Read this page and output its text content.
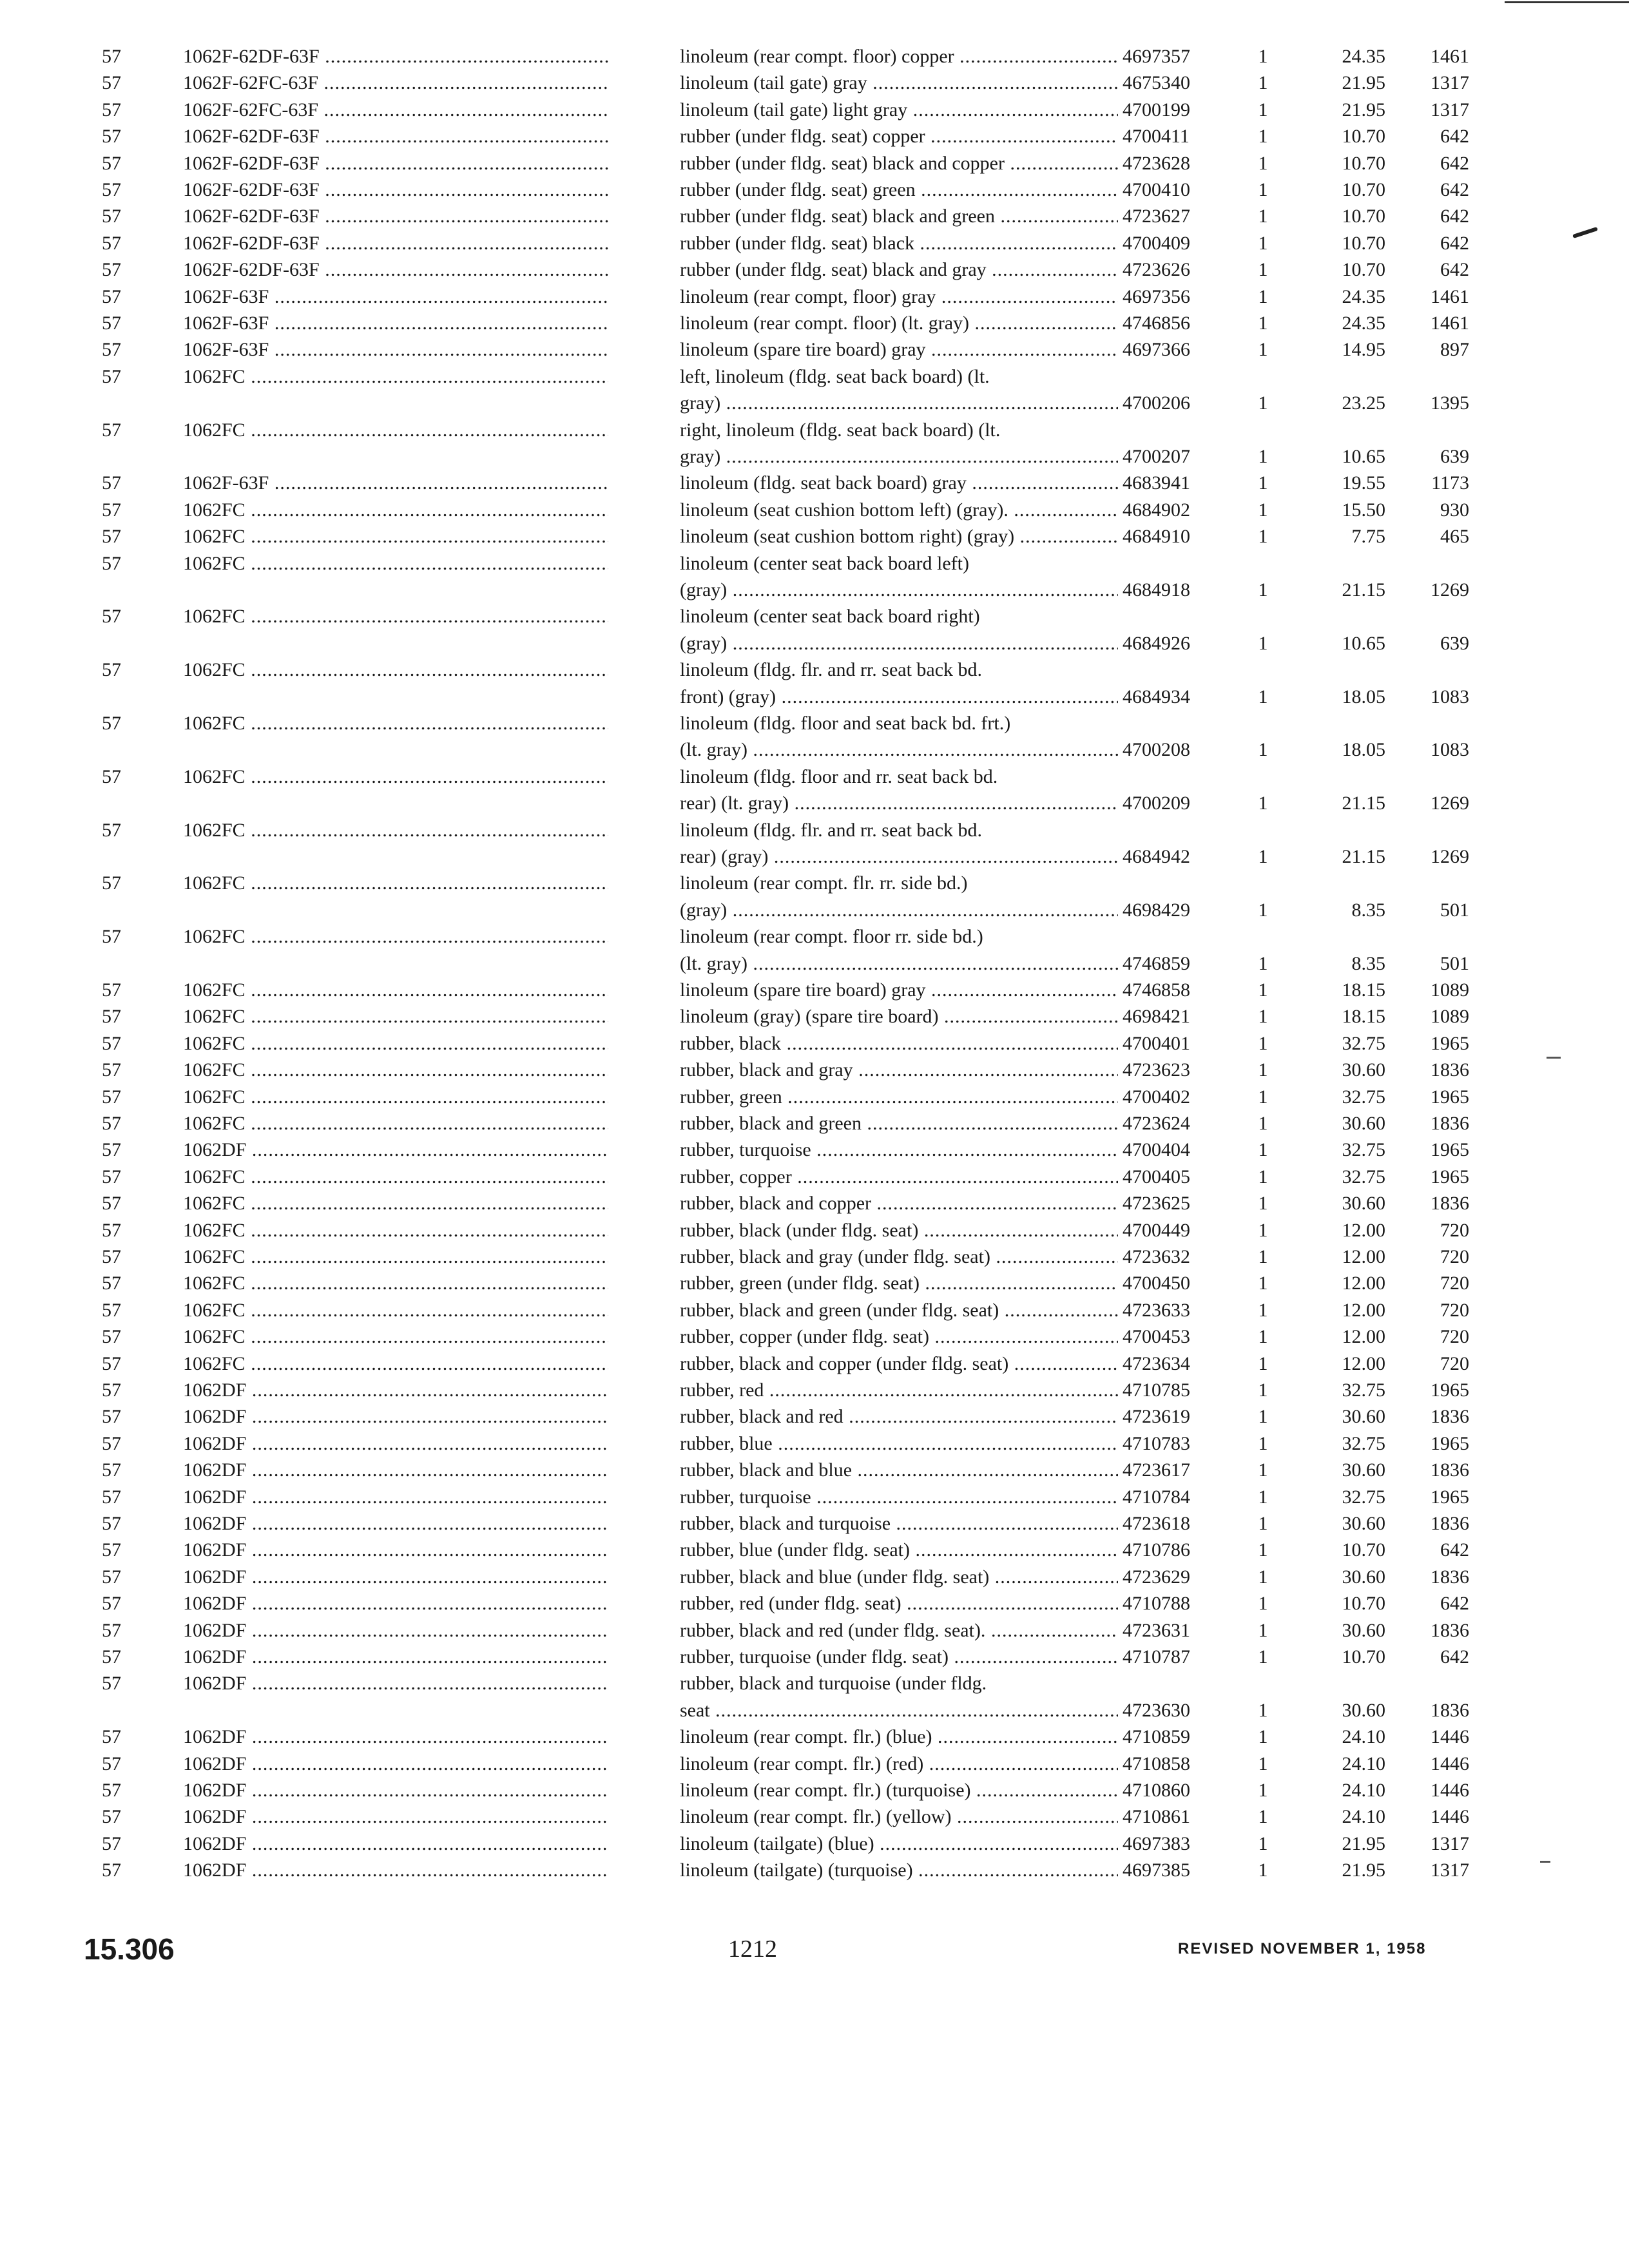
57	1062F-62DF-63F .....	linoleum (rear compt. floor) copper .....	4697357	1	24.35	1461
57	1062F-62FC-63F .....	linoleum (tail gate) gray .....	4675340	1	21.95	1317
57	1062F-62FC-63F .....	linoleum (tail gate) light gray .....	4700199	1	21.95	1317
57	1062F-62DF-63F .....	rubber (under fldg. seat) copper .....	4700411	1	10.70	642
57	1062F-62DF-63F .....	rubber (under fldg. seat) black and copper .....	4723628	1	10.70	642
57	1062F-62DF-63F .....	rubber (under fldg. seat) green .....	4700410	1	10.70	642
57	1062F-62DF-63F .....	rubber (under fldg. seat) black and green .....	4723627	1	10.70	642
57	1062F-62DF-63F .....	rubber (under fldg. seat) black .....	4700409	1	10.70	642
57	1062F-62DF-63F .....	rubber (under fldg. seat) black and gray .....	4723626	1	10.70	642
57	1062F-63F .....	linoleum (rear compt, floor) gray .....	4697356	1	24.35	1461
57	1062F-63F .....	linoleum (rear compt. floor) (lt. gray) .....	4746856	1	24.35	1461
57	1062F-63F .....	linoleum (spare tire board) gray .....	4697366	1	14.95	897
57	1062FC .....	left, linoleum (fldg. seat back board) (lt.
gray) .....	4700206	1	23.25	1395
57	1062FC .....	right, linoleum (fldg. seat back board) (lt.
gray) .....	4700207	1	10.65	639
57	1062F-63F .....	linoleum (fldg. seat back board) gray .....	4683941	1	19.55	1173
57	1062FC .....	linoleum (seat cushion bottom left) (gray). .....	4684902	1	15.50	930
57	1062FC .....	linoleum (seat cushion bottom right) (gray) .....	4684910	1	7.75	465
57	1062FC .....	linoleum (center seat back board left)
(gray) .....	4684918	1	21.15	1269
57	1062FC .....	linoleum (center seat back board right)
(gray) .....	4684926	1	10.65	639
57	1062FC .....	linoleum (fldg. flr. and rr. seat back bd.
front) (gray) .....	4684934	1	18.05	1083
57	1062FC .....	linoleum (fldg. floor and seat back bd. frt.)
(lt. gray) .....	4700208	1	18.05	1083
57	1062FC .....	linoleum (fldg. floor and rr. seat back bd.
rear) (lt. gray) .....	4700209	1	21.15	1269
57	1062FC .....	linoleum (fldg. flr. and rr. seat back bd.
rear) (gray) .....	4684942	1	21.15	1269
57	1062FC .....	linoleum (rear compt. flr. rr. side bd.)
(gray) .....	4698429	1	8.35	501
57	1062FC .....	linoleum (rear compt. floor rr. side bd.)
(lt. gray) .....	4746859	1	8.35	501
57	1062FC .....	linoleum (spare tire board) gray .....	4746858	1	18.15	1089
57	1062FC .....	linoleum (gray) (spare tire board) .....	4698421	1	18.15	1089
57	1062FC .....	rubber, black .....	4700401	1	32.75	1965
57	1062FC .....	rubber, black and gray .....	4723623	1	30.60	1836
57	1062FC .....	rubber, green .....	4700402	1	32.75	1965
57	1062FC .....	rubber, black and green .....	4723624	1	30.60	1836
57	1062DF .....	rubber, turquoise .....	4700404	1	32.75	1965
57	1062FC .....	rubber, copper .....	4700405	1	32.75	1965
57	1062FC .....	rubber, black and copper .....	4723625	1	30.60	1836
57	1062FC .....	rubber, black (under fldg. seat) .....	4700449	1	12.00	720
57	1062FC .....	rubber, black and gray (under fldg. seat) .....	4723632	1	12.00	720
57	1062FC .....	rubber, green (under fldg. seat) .....	4700450	1	12.00	720
57	1062FC .....	rubber, black and green (under fldg. seat) .....	4723633	1	12.00	720
57	1062FC .....	rubber, copper (under fldg. seat) .....	4700453	1	12.00	720
57	1062FC .....	rubber, black and copper (under fldg. seat) .....	4723634	1	12.00	720
57	1062DF .....	rubber, red .....	4710785	1	32.75	1965
57	1062DF .....	rubber, black and red .....	4723619	1	30.60	1836
57	1062DF .....	rubber, blue .....	4710783	1	32.75	1965
57	1062DF .....	rubber, black and blue .....	4723617	1	30.60	1836
57	1062DF .....	rubber, turquoise .....	4710784	1	32.75	1965
57	1062DF .....	rubber, black and turquoise .....	4723618	1	30.60	1836
57	1062DF .....	rubber, blue (under fldg. seat) .....	4710786	1	10.70	642
57	1062DF .....	rubber, black and blue (under fldg. seat) .....	4723629	1	30.60	1836
57	1062DF .....	rubber, red (under fldg. seat) .....	4710788	1	10.70	642
57	1062DF .....	rubber, black and red (under fldg. seat). .....	4723631	1	30.60	1836
57	1062DF .....	rubber, turquoise (under fldg. seat) .....	4710787	1	10.70	642
57	1062DF .....	rubber, black and turquoise (under fldg.
seat .....	4723630	1	30.60	1836
57	1062DF .....	linoleum (rear compt. flr.) (blue) .....	4710859	1	24.10	1446
57	1062DF .....	linoleum (rear compt. flr.) (red) .....	4710858	1	24.10	1446
57	1062DF .....	linoleum (rear compt. flr.) (turquoise) .....	4710860	1	24.10	1446
57	1062DF .....	linoleum (rear compt. flr.) (yellow) .....	4710861	1	24.10	1446
57	1062DF .....	linoleum (tailgate) (blue) .....	4697383	1	21.95	1317
57	1062DF .....	linoleum (tailgate) (turquoise) .....	4697385	1	21.95	1317
15.306	1212	REVISED NOVEMBER 1, 1958
